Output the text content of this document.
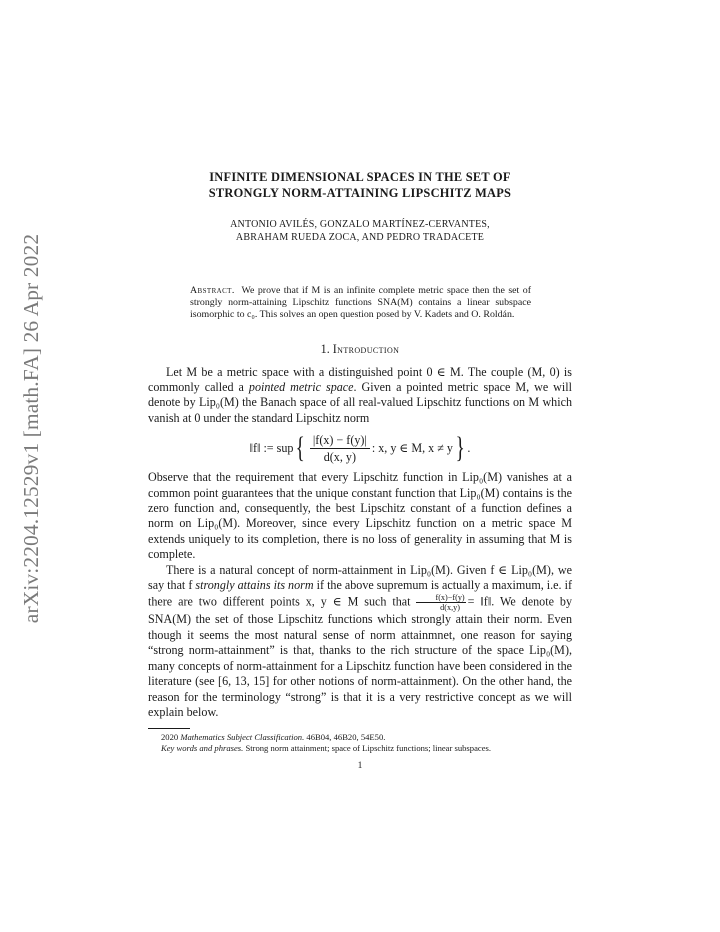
arXiv:2204.12529v1 [math.FA] 26 Apr 2022
INFINITE DIMENSIONAL SPACES IN THE SET OF
STRONGLY NORM-ATTAINING LIPSCHITZ MAPS
ANTONIO AVILÉS, GONZALO MARTÍNEZ-CERVANTES,
ABRAHAM RUEDA ZOCA, AND PEDRO TRADACETE
Abstract. We prove that if M is an infinite complete metric space then the set of strongly norm-attaining Lipschitz functions SNA(M) contains a linear subspace isomorphic to c₀. This solves an open question posed by V. Kadets and O. Roldán.
1. Introduction

Let M be a metric space with a distinguished point 0 ∈ M. The couple (M, 0) is commonly called a pointed metric space. Given a pointed metric space M, we will denote by Lip₀(M) the Banach space of all real-valued Lipschitz functions on M which vanish at 0 under the standard Lipschitz norm

‖f‖ := sup { $\frac{|f(x) - f(y)|}{d(x, y)}$ : x, y ∈ M, x ≠ y } .

Observe that the requirement that every Lipschitz function in Lip₀(M) vanishes at a common point guarantees that the unique constant function that Lip₀(M) contains is the zero function and, consequently, the best Lipschitz constant of a function defines a norm on Lip₀(M). Moreover, since every Lipschitz function on a metric space M extends uniquely to its completion, there is no loss of generality in assuming that M is complete.

There is a natural concept of norm-attainment in Lip₀(M). Given f ∈ Lip₀(M), we say that f strongly attains its norm if the above supremum is actually a maximum, i.e. if there are two different points x, y ∈ M such that $\frac{f(x)-f(y)}{d(x,y)}$ = ‖f‖. We denote by SNA(M) the set of those Lipschitz functions which strongly attain their norm. Even though it seems the most natural sense of norm attainmnet, one reason for saying “strong norm-attainment” is that, thanks to the rich structure of the space Lip₀(M), many concepts of norm-attainment for a Lipschitz function have been considered in the literature (see [6, 13, 15] for other notions of norm-attainment). On the other hand, the reason for the terminology “strong” is that it is a very restrictive concept as we will explain below.

2020 Mathematics Subject Classification. 46B04, 46B20, 54E50.

Key words and phrases. Strong norm attainment; space of Lipschitz functions; linear subspaces.

1
